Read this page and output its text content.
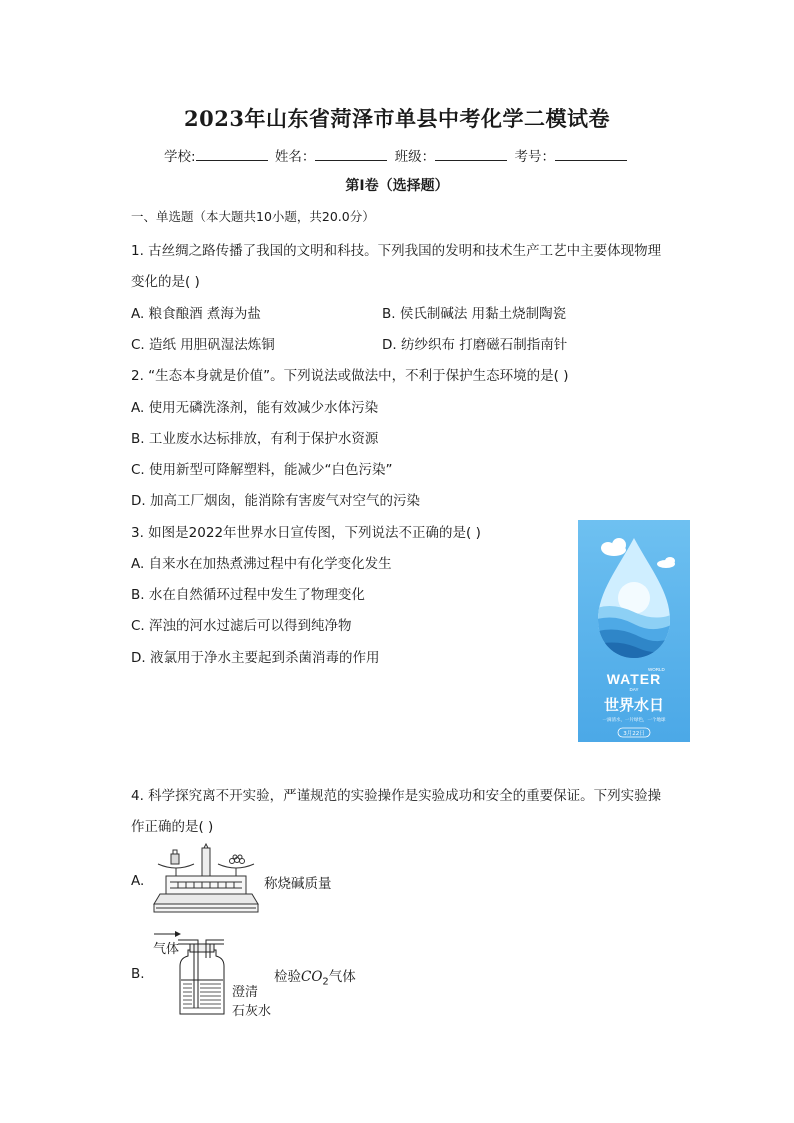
2023年山东省菏泽市单县中考化学二模试卷
学校:	姓名：	班级：	考号：
第I卷（选择题）
一、单选题（本大题共10小题，共20.0分）
1. 古丝绸之路传播了我国的文明和科技。下列我国的发明和技术生产工艺中主要体现物理
变化的是( )
A. 粮食酿酒 煮海为盐	B. 侯氏制碱法 用黏土烧制陶瓷
C. 造纸 用胆矾湿法炼铜	D. 纺纱织布 打磨磁石制指南针
2. “生态本身就是价值”。下列说法或做法中，不利于保护生态环境的是( )
A. 使用无磷洗涤剂，能有效减少水体污染
B. 工业废水达标排放，有利于保护水资源
C. 使用新型可降解塑料，能减少“白色污染”
D. 加高工厂烟囱，能消除有害废气对空气的污染
3. 如图是2022年世界水日宣传图，下列说法不正确的是( )
A. 自来水在加热煮沸过程中有化学变化发生
B. 水在自然循环过程中发生了物理变化
C. 浑浊的河水过滤后可以得到纯净物
D. 液氯用于净水主要起到杀菌消毒的作用
WORLD
WATER
DAY
世界水日
一滴清水，一片绿色，一个地球
3月22日
4. 科学探究离不开实验，严谨规范的实验操作是实验成功和安全的重要保证。下列实验操
作正确的是( )
A.	称烧碱质量
B.
气体
检验$CO_2$气体
澄清
石灰水
